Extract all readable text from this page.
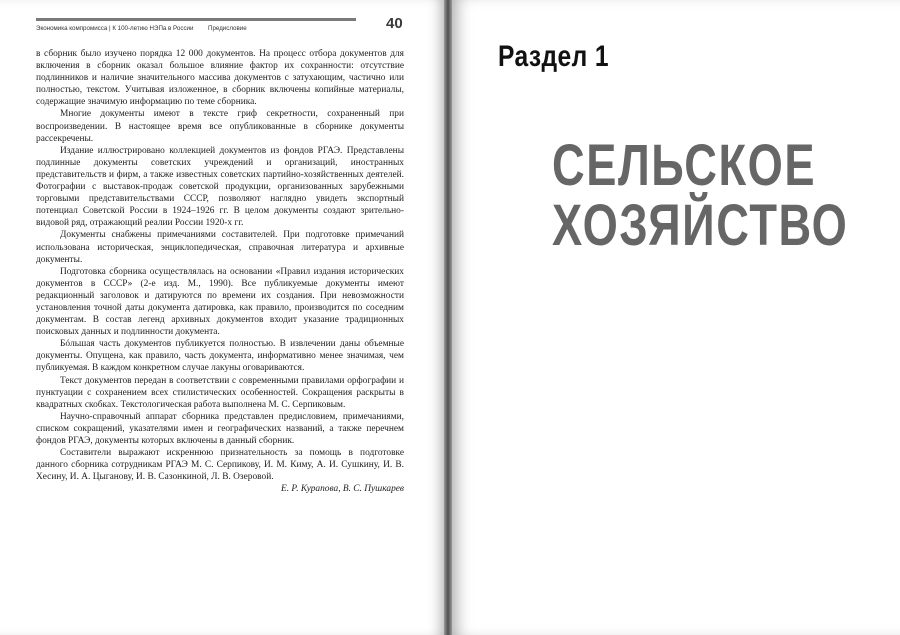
Экономика компромисса | К 100-летию НЭПа в России Предисловие	40

в сборник было изучено порядка 12 000 документов. На процесс отбора документов для включения в сборник оказал большое влияние фактор их сохранности: отсутствие подлинников и наличие значительного массива документов с затухающим, частично или полностью, текстом. Учитывая изложенное, в сборник включены копийные материалы, содержащие значимую информацию по теме сборника.

Многие документы имеют в тексте гриф секретности, сохраненный при воспроизведении. В настоящее время все опубликованные в сборнике документы рассекречены.

Издание иллюстрировано коллекцией документов из фондов РГАЭ. Представлены подлинные документы советских учреждений и организаций, иностранных представительств и фирм, а также известных советских партийно-хозяйственных деятелей. Фотографии с выставок-продаж советской продукции, организованных зарубежными торговыми представительствами СССР, позволяют наглядно увидеть экспортный потенциал Советской России в 1924–1926 гг. В целом документы создают зрительно-видовой ряд, отражающий реалии России 1920-х гг.

Документы снабжены примечаниями составителей. При подготовке примечаний использована историческая, энциклопедическая, справочная литература и архивные документы.

Подготовка сборника осуществлялась на основании «Правил издания исторических документов в СССР» (2-е изд. М., 1990). Все публикуемые документы имеют редакционный заголовок и датируются по времени их создания. При невозможности установления точной даты документа датировка, как правило, производится по соседним документам. В состав легенд архивных документов входит указание традиционных поисковых данных и подлинности документа.

Бóльшая часть документов публикуется полностью. В извлечении даны объемные документы. Опущена, как правило, часть документа, информативно менее значимая, чем публикуемая. В каждом конкретном случае лакуны оговариваются.

Текст документов передан в соответствии с современными правилами орфографии и пунктуации с сохранением всех стилистических особенностей. Сокращения раскрыты в квадратных скобках. Текстологическая работа выполнена М. С. Серпиковым.

Научно-справочный аппарат сборника представлен предисловием, примечаниями, списком сокращений, указателями имен и географических названий, а также перечнем фондов РГАЭ, документы которых включены в данный сборник.

Составители выражают искреннюю признательность за помощь в подготовке данного сборника сотрудникам РГАЭ М. С. Серпикову, И. М. Киму, А. И. Сушкину, И. В. Хесину, И. А. Цыганову, И. В. Сазонкиной, Л. В. Озеровой.

Е. Р. Курапова, В. С. Пушкарев

Раздел 1
СЕЛЬСКОЕ
ХОЗЯЙСТВО
